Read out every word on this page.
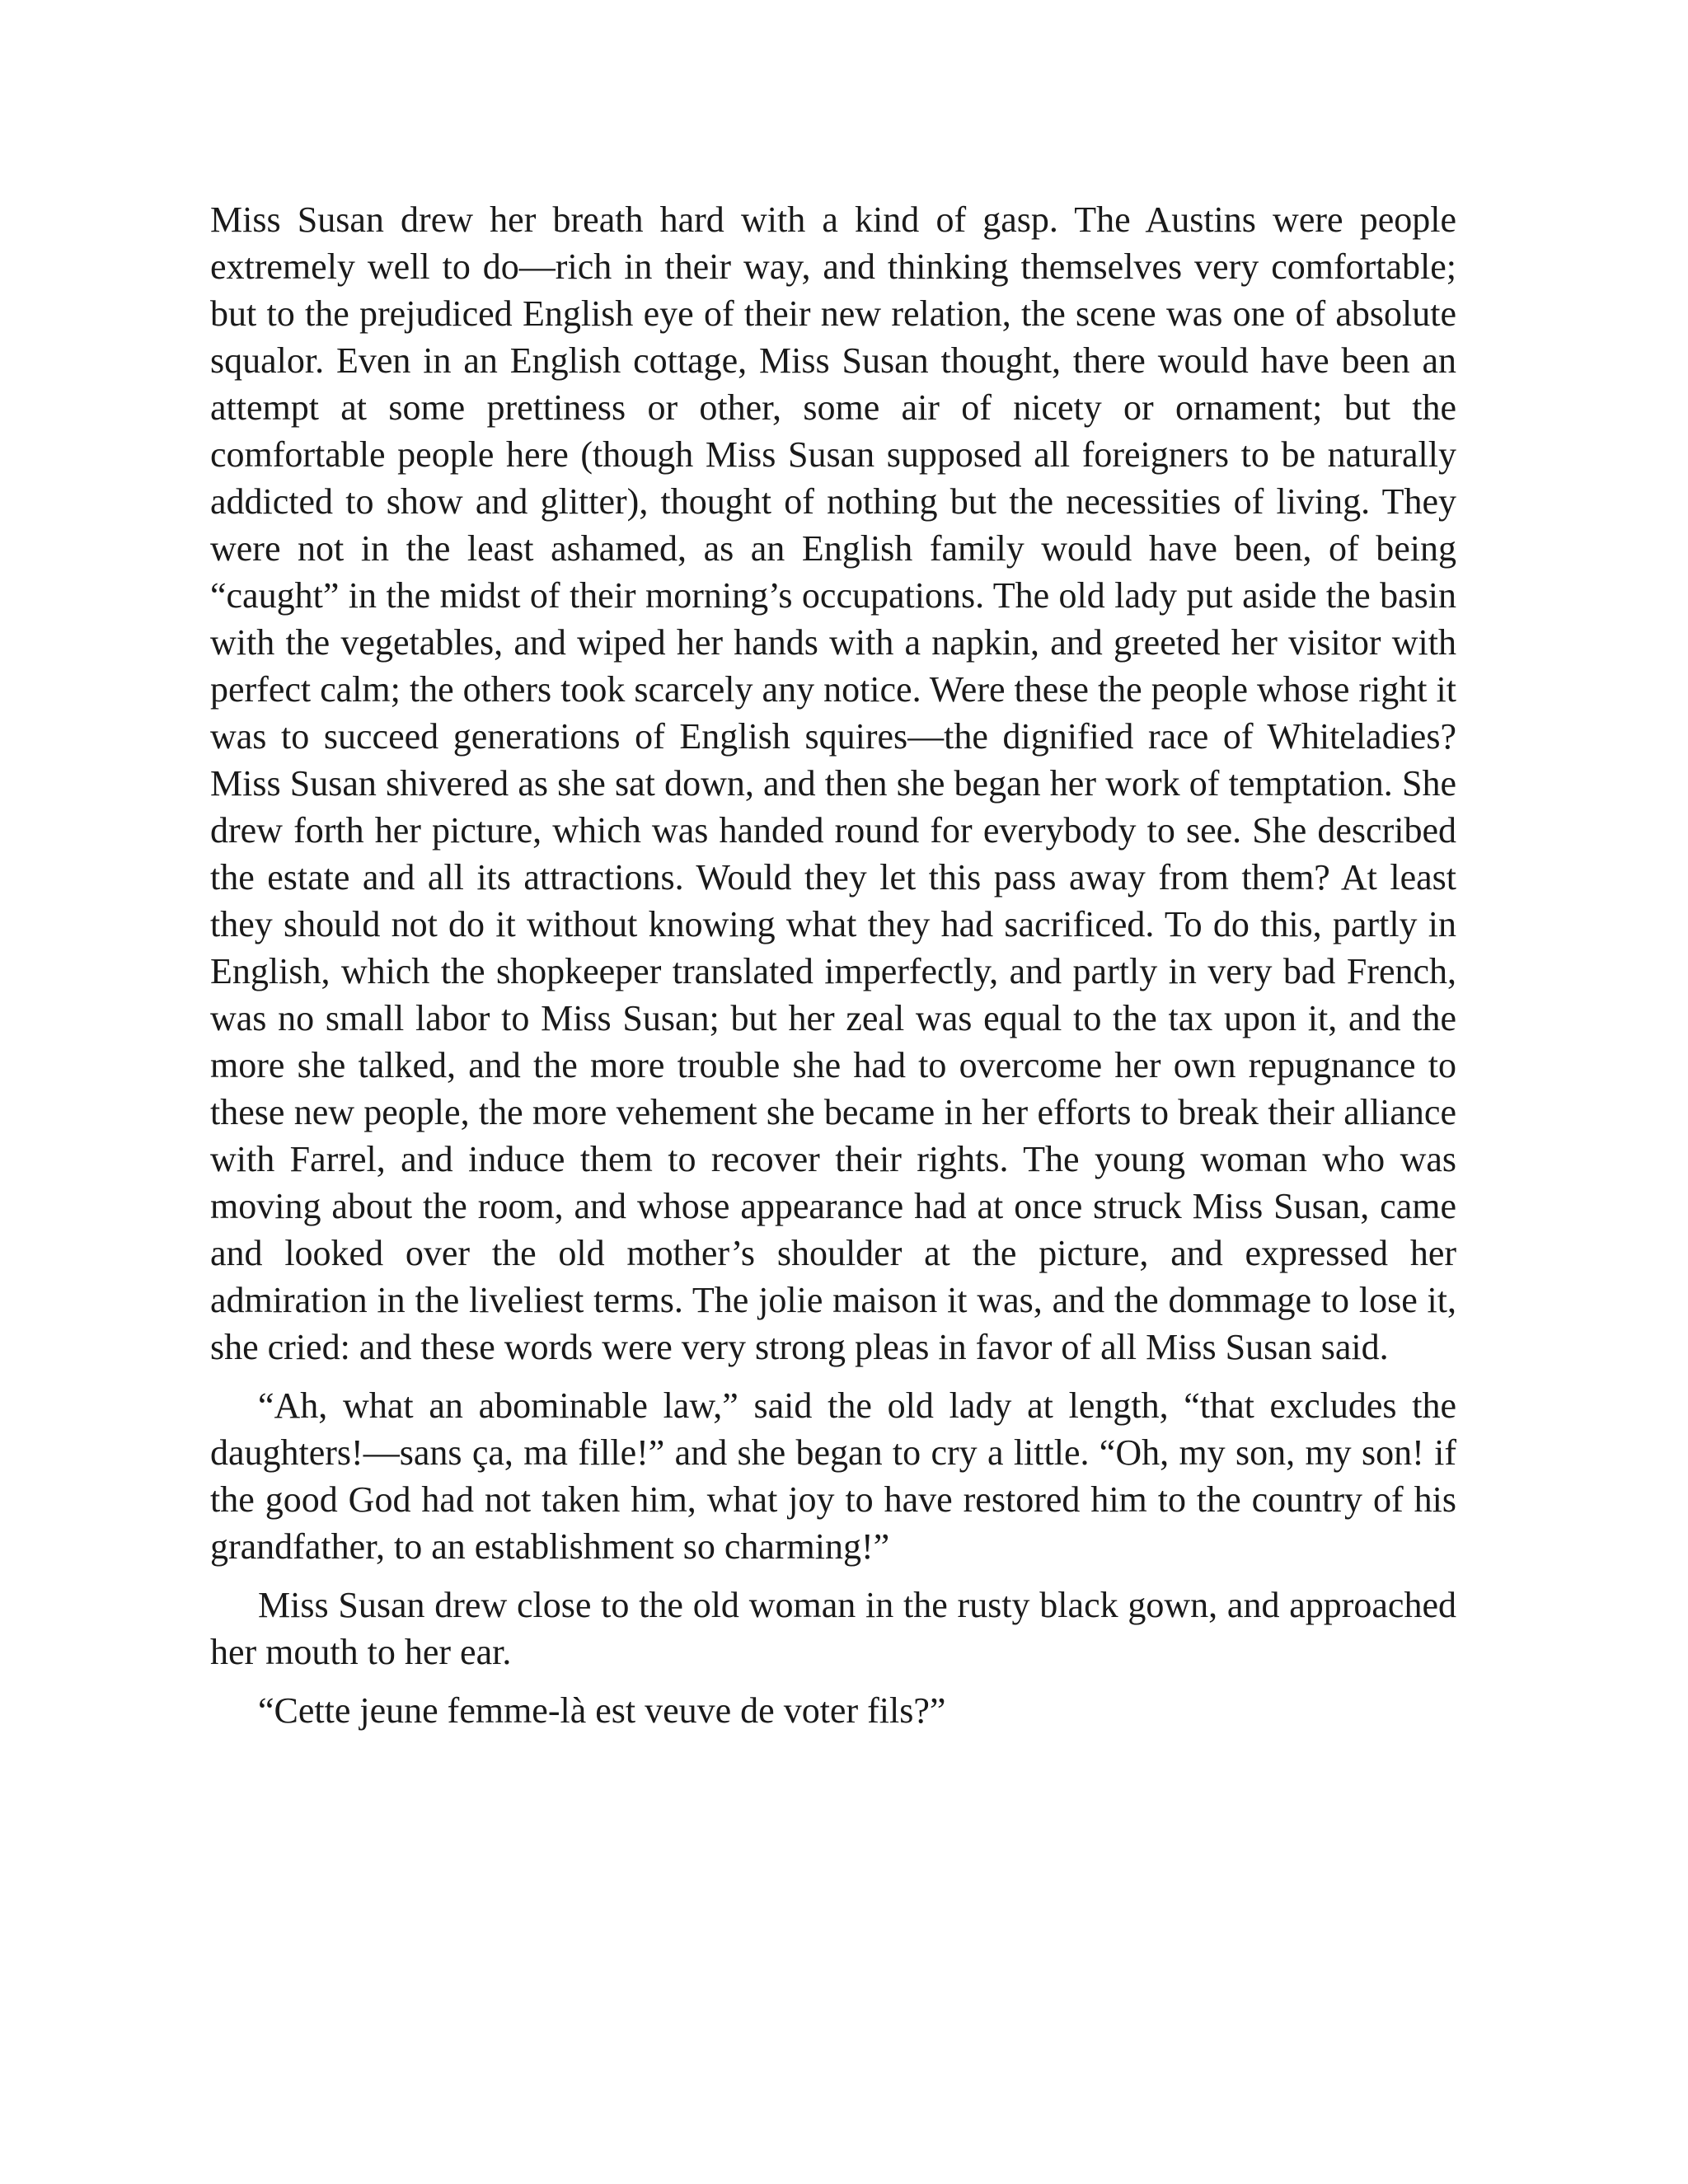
Miss Susan drew her breath hard with a kind of gasp. The Austins were people extremely well to do—rich in their way, and thinking themselves very comfortable; but to the prejudiced English eye of their new relation, the scene was one of absolute squalor. Even in an English cottage, Miss Susan thought, there would have been an attempt at some prettiness or other, some air of nicety or ornament; but the comfortable people here (though Miss Susan supposed all foreigners to be naturally addicted to show and glitter), thought of nothing but the necessities of living. They were not in the least ashamed, as an English family would have been, of being “caught” in the midst of their morning’s occupations. The old lady put aside the basin with the vegetables, and wiped her hands with a napkin, and greeted her visitor with perfect calm; the others took scarcely any notice. Were these the people whose right it was to succeed generations of English squires—the dignified race of Whiteladies? Miss Susan shivered as she sat down, and then she began her work of temptation. She drew forth her picture, which was handed round for everybody to see. She described the estate and all its attractions. Would they let this pass away from them? At least they should not do it without knowing what they had sacrificed. To do this, partly in English, which the shopkeeper translated imperfectly, and partly in very bad French, was no small labor to Miss Susan; but her zeal was equal to the tax upon it, and the more she talked, and the more trouble she had to overcome her own repugnance to these new people, the more vehement she became in her efforts to break their alliance with Farrel, and induce them to recover their rights. The young woman who was moving about the room, and whose appearance had at once struck Miss Susan, came and looked over the old mother’s shoulder at the picture, and expressed her admiration in the liveliest terms. The jolie maison it was, and the dommage to lose it, she cried: and these words were very strong pleas in favor of all Miss Susan said.

“Ah, what an abominable law,” said the old lady at length, “that excludes the daughters!—sans ça, ma fille!” and she began to cry a little. “Oh, my son, my son! if the good God had not taken him, what joy to have restored him to the country of his grandfather, to an establishment so charming!”

Miss Susan drew close to the old woman in the rusty black gown, and approached her mouth to her ear.

“Cette jeune femme-là est veuve de voter fils?”
